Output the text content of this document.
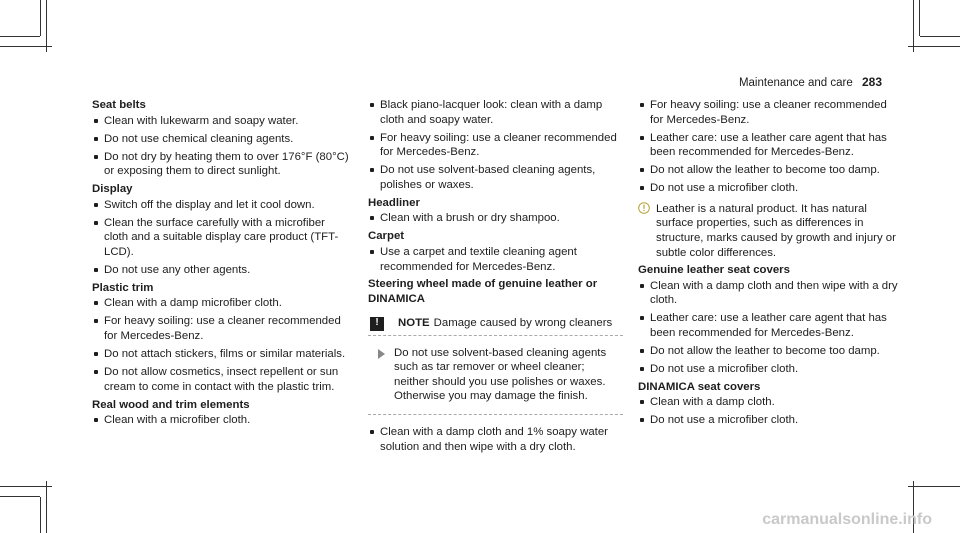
Maintenance and care 283
Seat belts
Clean with lukewarm and soapy water.
Do not use chemical cleaning agents.
Do not dry by heating them to over 176°F (80°C) or exposing them to direct sunlight.
Display
Switch off the display and let it cool down.
Clean the surface carefully with a microfiber cloth and a suitable display care product (TFT-LCD).
Do not use any other agents.
Plastic trim
Clean with a damp microfiber cloth.
For heavy soiling: use a cleaner recommended for Mercedes-Benz.
Do not attach stickers, films or similar materials.
Do not allow cosmetics, insect repellent or sun cream to come in contact with the plastic trim.
Real wood and trim elements
Clean with a microfiber cloth.
Black piano-lacquer look: clean with a damp cloth and soapy water.
For heavy soiling: use a cleaner recommended for Mercedes-Benz.
Do not use solvent-based cleaning agents, polishes or waxes.
Headliner
Clean with a brush or dry shampoo.
Carpet
Use a carpet and textile cleaning agent recommended for Mercedes-Benz.
Steering wheel made of genuine leather or DINAMICA
!	NOTE Damage caused by wrong cleaners
Do not use solvent-based cleaning agents such as tar remover or wheel cleaner; neither should you use polishes or waxes. Otherwise you may damage the finish.
Clean with a damp cloth and 1% soapy water solution and then wipe with a dry cloth.
For heavy soiling: use a cleaner recommended for Mercedes-Benz.
Leather care: use a leather care agent that has been recommended for Mercedes-Benz.
Do not allow the leather to become too damp.
Do not use a microfiber cloth.
Leather is a natural product. It has natural surface properties, such as differences in structure, marks caused by growth and injury or subtle color differences.
Genuine leather seat covers
Clean with a damp cloth and then wipe with a dry cloth.
Leather care: use a leather care agent that has been recommended for Mercedes-Benz.
Do not allow the leather to become too damp.
Do not use a microfiber cloth.
DINAMICA seat covers
Clean with a damp cloth.
Do not use a microfiber cloth.
carmanualsonline.info
